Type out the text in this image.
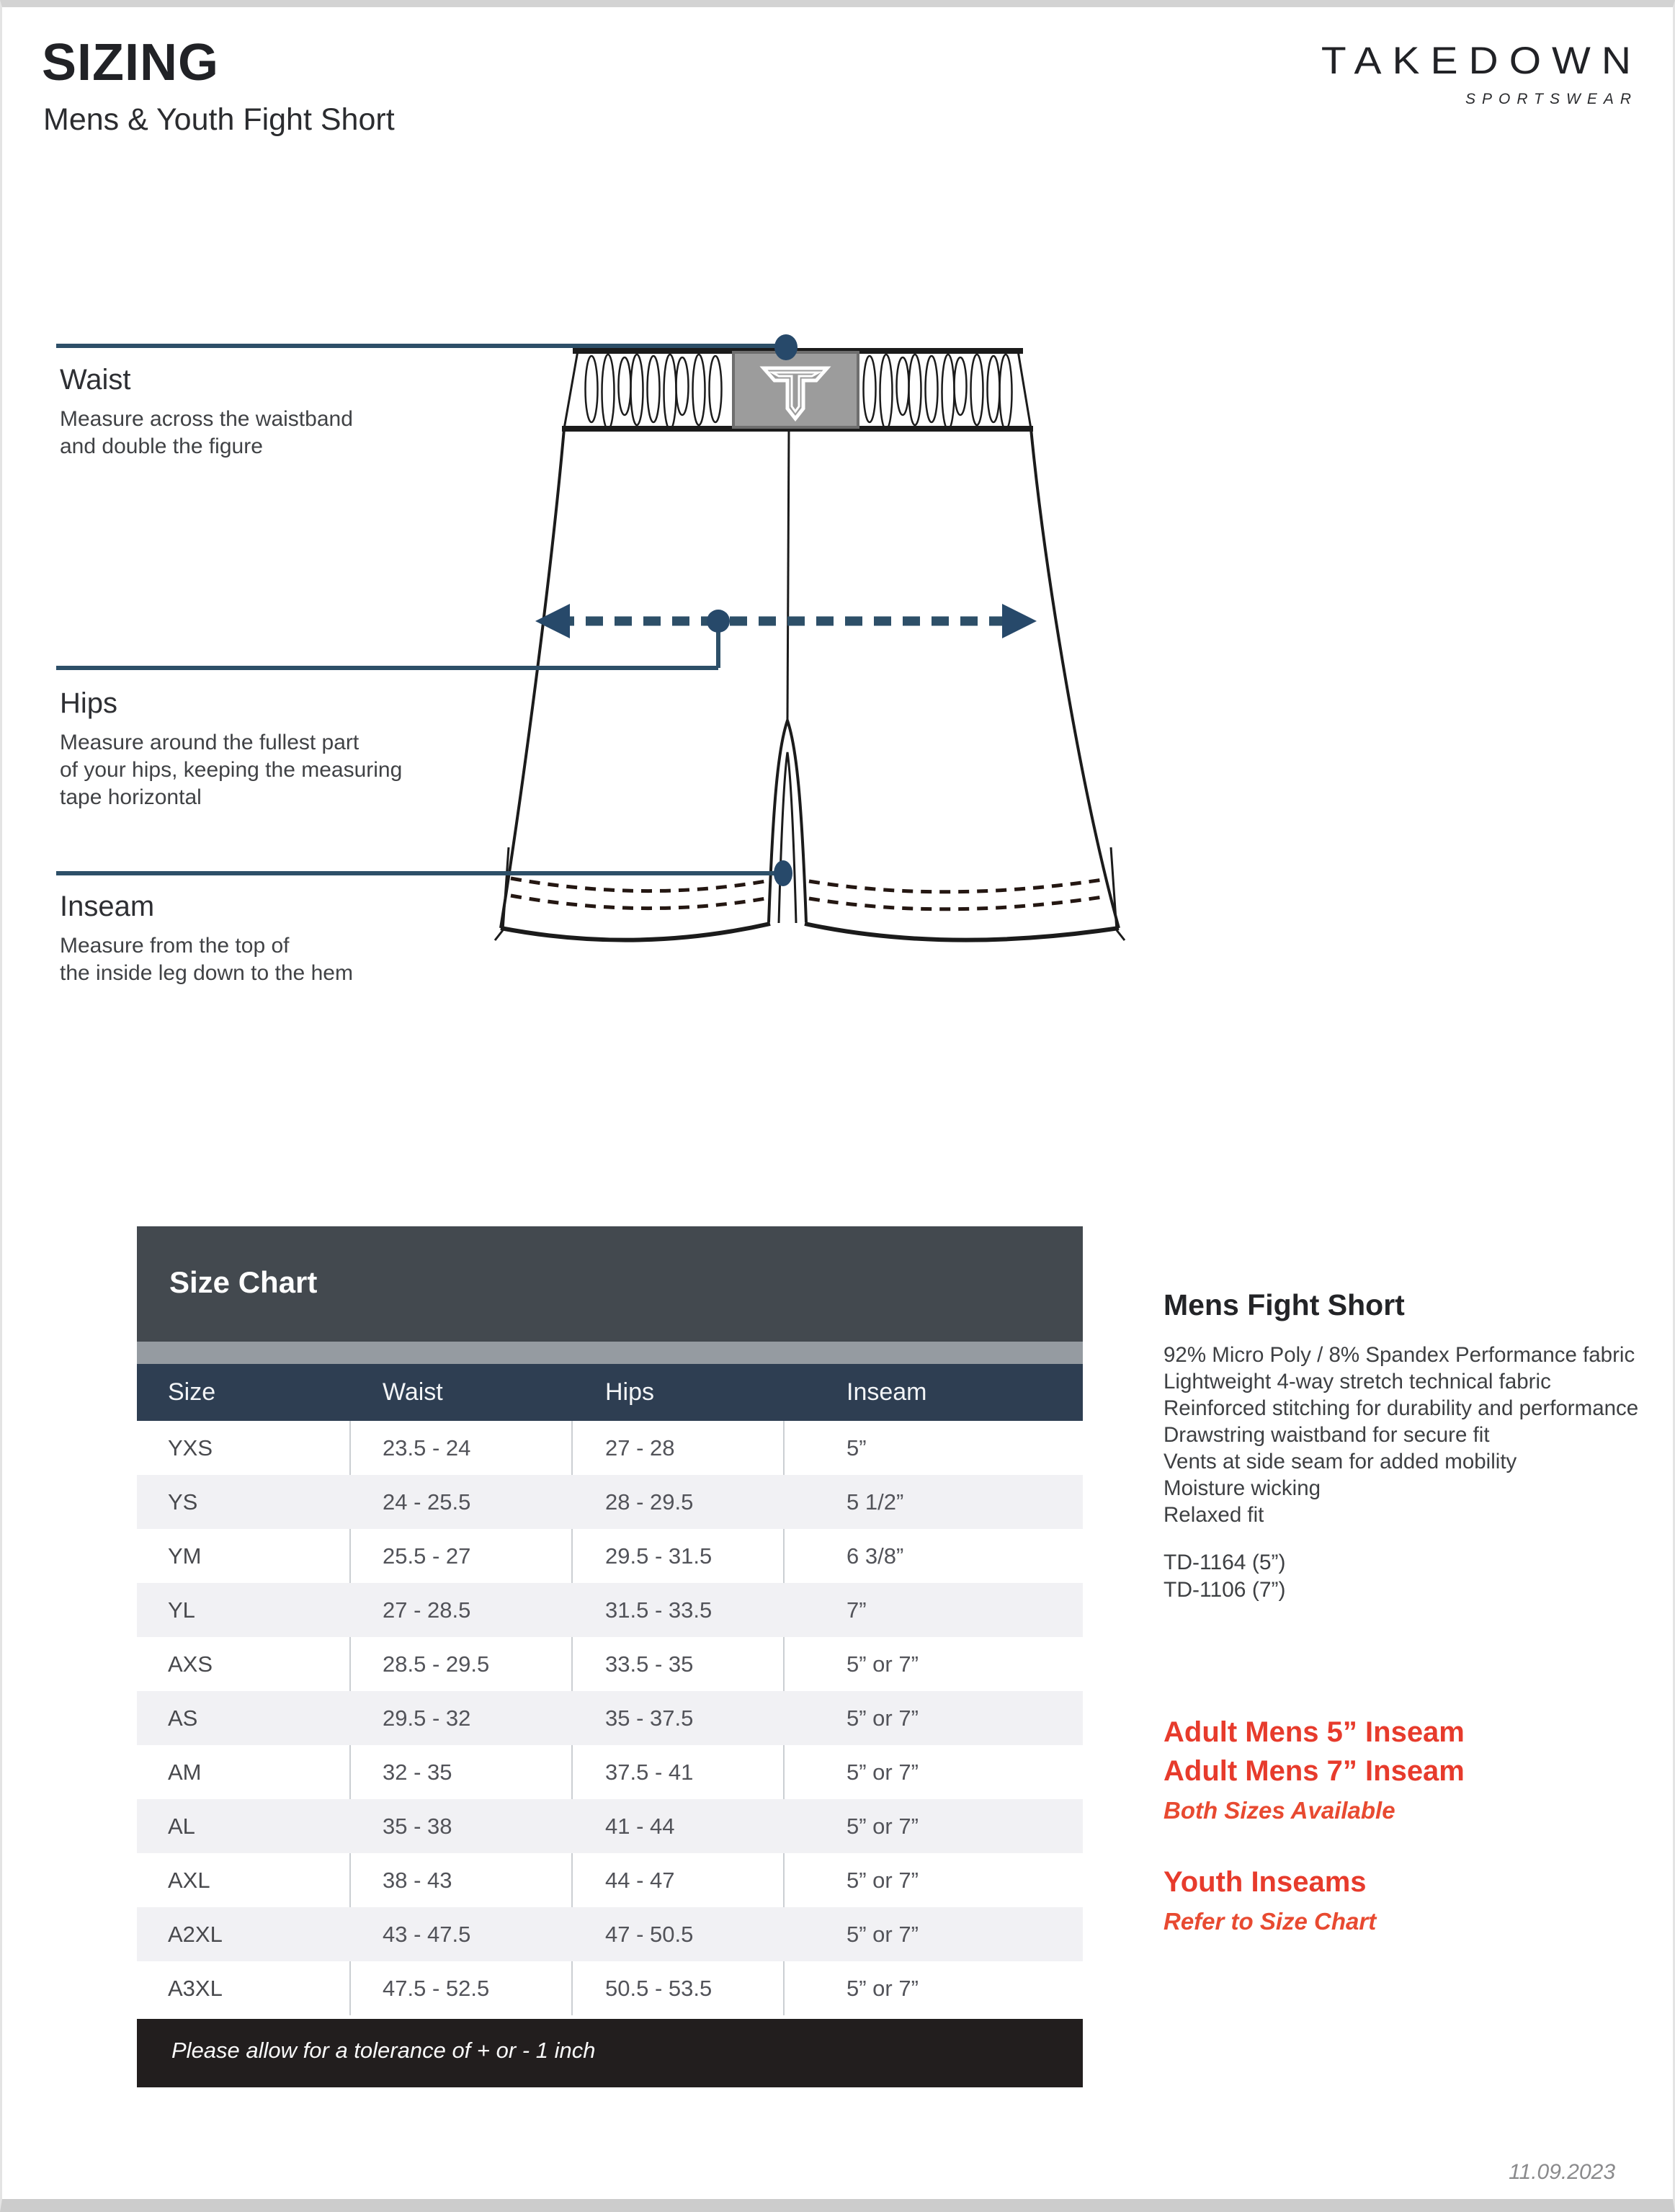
SIZING
Mens & Youth Fight Short
TAKEDOWN
SPORTSWEAR
Waist
Measure across the waistband
and double the figure
Hips
Measure around the fullest part
of your hips, keeping the measuring
tape horizontal
Inseam
Measure from the top of
the inside leg down to the hem
Size Chart
Size	Waist	Hips	Inseam
YXS	23.5 - 24	27 - 28	5”
YS	24 - 25.5	28 - 29.5	5 1/2”
YM	25.5 - 27	29.5 - 31.5	6 3/8”
YL	27 - 28.5	31.5 - 33.5	7”
AXS	28.5 - 29.5	33.5 - 35	5” or 7”
AS	29.5 - 32	35 - 37.5	5” or 7”
AM	32 - 35	37.5 - 41	5” or 7”
AL	35 - 38	41 - 44	5” or 7”
AXL	38 - 43	44 - 47	5” or 7”
A2XL	43 - 47.5	47 - 50.5	5” or 7”
A3XL	47.5 - 52.5	50.5 - 53.5	5” or 7”
Please allow for a tolerance of + or - 1 inch
Mens Fight Short
92% Micro Poly / 8% Spandex Performance fabric
Lightweight 4-way stretch technical fabric
Reinforced stitching for durability and performance
Drawstring waistband for secure fit
Vents at side seam for added mobility
Moisture wicking
Relaxed fit
TD-1164 (5”)
TD-1106 (7”)
Adult Mens 5” Inseam
Adult Mens 7” Inseam
Both Sizes Available
Youth Inseams
Refer to Size Chart
11.09.2023
